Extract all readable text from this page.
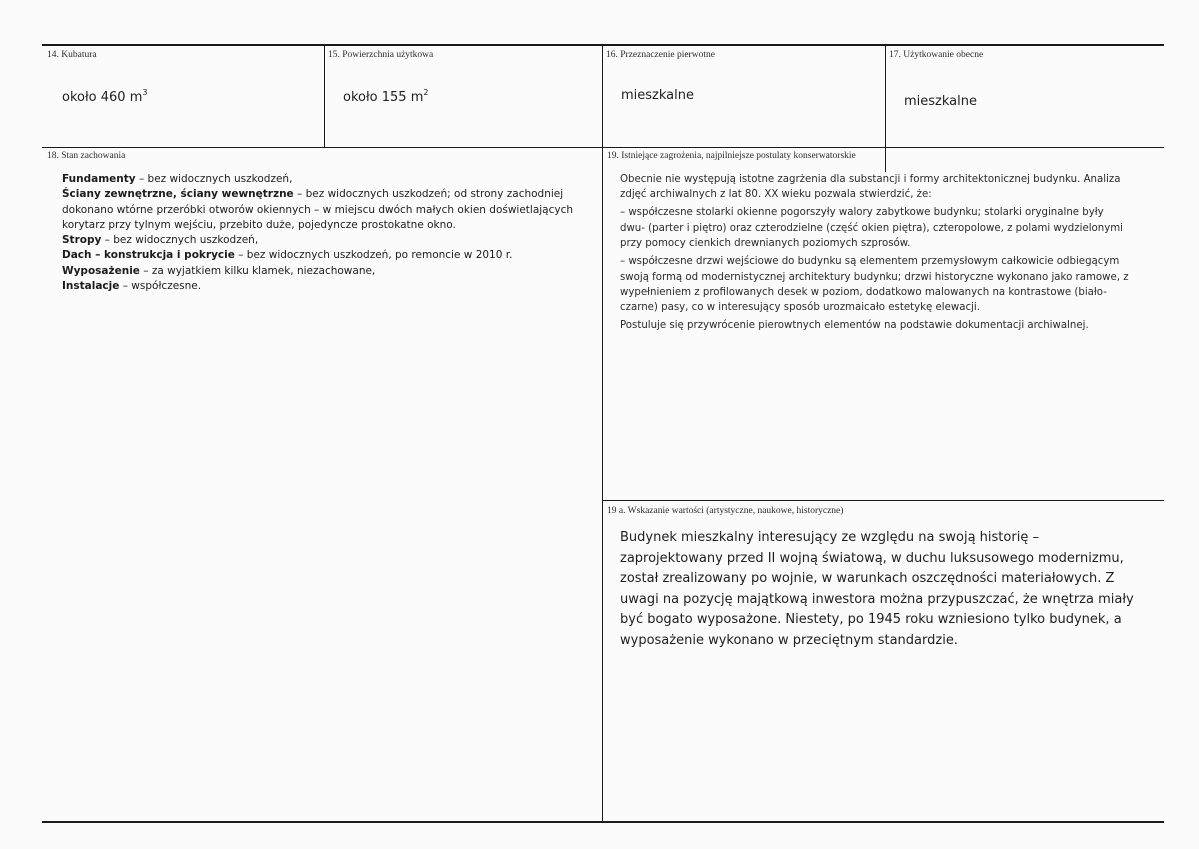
14. Kubatura
około 460 $m^3$
15. Powierzchnia użytkowa
około 155 $m^2$
16. Przeznaczenie pierwotne
mieszkalne
17. Użytkowanie obecne
mieszkalne
18. Stan zachowania

Fundamenty – bez widocznych uszkodzeń,

Ściany zewnętrzne, ściany wewnętrzne – bez widocznych uszkodzeń; od strony zachodniej dokonano wtórne przeróbki otworów okiennych – w miejscu dwóch małych okien doświetlających korytarz przy tylnym wejściu, przebito duże, pojedyncze prostokatne okno.

Stropy – bez widocznych uszkodzeń,

Dach – konstrukcja i pokrycie – bez widocznych uszkodzeń, po remoncie w 2010 r.

Wyposażenie – za wyjatkiem kilku klamek, niezachowane,

Instalacje – współczesne.

19. Istniejące zagrożenia, najpilniejsze postulaty konserwatorskie

Obecnie nie występują istotne zagrżenia dla substancji i formy architektonicznej budynku. Analiza zdjęć archiwalnych z lat 80. XX wieku pozwala stwierdzić, że:

– współczesne stolarki okienne pogorszyły walory zabytkowe budynku; stolarki oryginalne były dwu- (parter i piętro) oraz czterodzielne (część okien piętra), czteropolowe, z polami wydzielonymi przy pomocy cienkich drewnianych poziomych szprosów.

– współczesne drzwi wejściowe do budynku są elementem przemysłowym całkowicie odbiegącym swoją formą od modernistycznej architektury budynku; drzwi historyczne wykonano jako ramowe, z wypełnieniem z profilowanych desek w poziom, dodatkowo malowanych na kontrastowe (biało-czarne) pasy, co w interesujący sposób urozmaicało estetykę elewacji.

Postuluje się przywrócenie pierowtnych elementów na podstawie dokumentacji archiwalnej.

19 a. Wskazanie wartości (artystyczne, naukowe, historyczne)
Budynek mieszkalny interesujący ze względu na swoją historię – zaprojektowany przed II wojną światową, w duchu luksusowego modernizmu, został zrealizowany po wojnie, w warunkach oszczędności materiałowych. Z uwagi na pozycję majątkową inwestora można przypuszczać, że wnętrza miały być bogato wyposażone. Niestety, po 1945 roku wzniesiono tylko budynek, a wyposażenie wykonano w przeciętnym standardzie.
